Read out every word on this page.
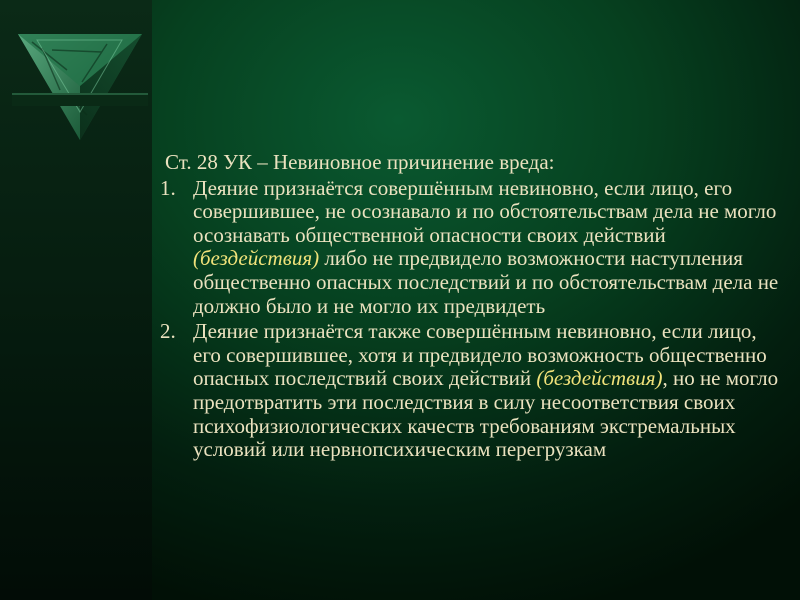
Ст. 28 УК – Невиновное причинение вреда:
1. Деяние признаётся совершённым невиновно, если лицо, его совершившее, не осознавало и по обстоятельствам дела не могло осознавать общественной опасности своих действий (бездействия) либо не предвидело возможности наступления общественно опасных последствий и по обстоятельствам дела не должно было и не могло их предвидеть
2. Деяние признаётся также совершённым невиновно, если лицо, его совершившее, хотя и предвидело возможность общественно опасных последствий своих действий (бездействия), но не могло предотвратить эти последствия в силу несоответствия своих психофизиологических качеств требованиям экстремальных условий или нервнопсихическим перегрузкам
